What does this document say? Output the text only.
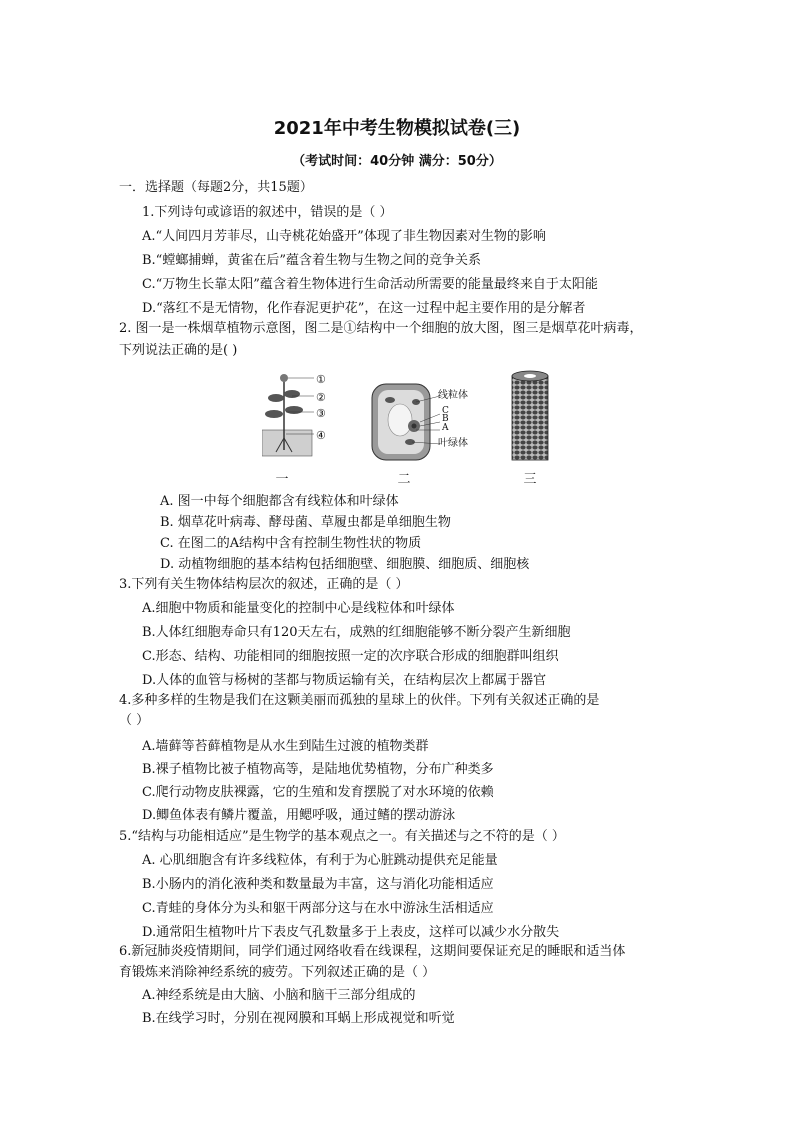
2021年中考生物模拟试卷(三)
（考试时间：40分钟 满分：50分）
一．选择题（每题2分，共15题）
1.下列诗句或谚语的叙述中，错误的是（ ）
A.“人间四月芳菲尽，山寺桃花始盛开”体现了非生物因素对生物的影响
B.“螳螂捕蝉，黄雀在后”蕴含着生物与生物之间的竞争关系
C.“万物生长靠太阳”蕴含着生物体进行生命活动所需要的能量最终来自于太阳能
D.“落红不是无情物，化作春泥更护花”，在这一过程中起主要作用的是分解者
2. 图一是一株烟草植物示意图，图二是①结构中一个细胞的放大图，图三是烟草花叶病毒，
下列说法正确的是( )
①
②
③
④
线粒体
C
B
A
叶绿体
一	二	三
A. 图一中每个细胞都含有线粒体和叶绿体
B. 烟草花叶病毒、酵母菌、草履虫都是单细胞生物
C. 在图二的A结构中含有控制生物性状的物质
D. 动植物细胞的基本结构包括细胞壁、细胞膜、细胞质、细胞核
3.下列有关生物体结构层次的叙述，正确的是（ ）
A.细胞中物质和能量变化的控制中心是线粒体和叶绿体
B.人体红细胞寿命只有120天左右，成熟的红细胞能够不断分裂产生新细胞
C.形态、结构、功能相同的细胞按照一定的次序联合形成的细胞群叫组织
D.人体的血管与杨树的茎都与物质运输有关，在结构层次上都属于器官
4.多种多样的生物是我们在这颗美丽而孤独的星球上的伙伴。下列有关叙述正确的是
（ ）
A.墙藓等苔藓植物是从水生到陆生过渡的植物类群
B.裸子植物比被子植物高等，是陆地优势植物，分布广种类多
C.爬行动物皮肤裸露，它的生殖和发育摆脱了对水环境的依赖
D.鲫鱼体表有鳞片覆盖，用鳃呼吸，通过鳍的摆动游泳
5.“结构与功能相适应”是生物学的基本观点之一。有关描述与之不符的是（ ）
A. 心肌细胞含有许多线粒体，有利于为心脏跳动提供充足能量
B.小肠内的消化液种类和数量最为丰富，这与消化功能相适应
C.青蛙的身体分为头和躯干两部分这与在水中游泳生活相适应
D.通常阳生植物叶片下表皮气孔数量多于上表皮，这样可以减少水分散失
6.新冠肺炎疫情期间，同学们通过网络收看在线课程，这期间要保证充足的睡眠和适当体
育锻炼来消除神经系统的疲劳。下列叙述正确的是（ ）
A.神经系统是由大脑、小脑和脑干三部分组成的
B.在线学习时，分别在视网膜和耳蜗上形成视觉和听觉
